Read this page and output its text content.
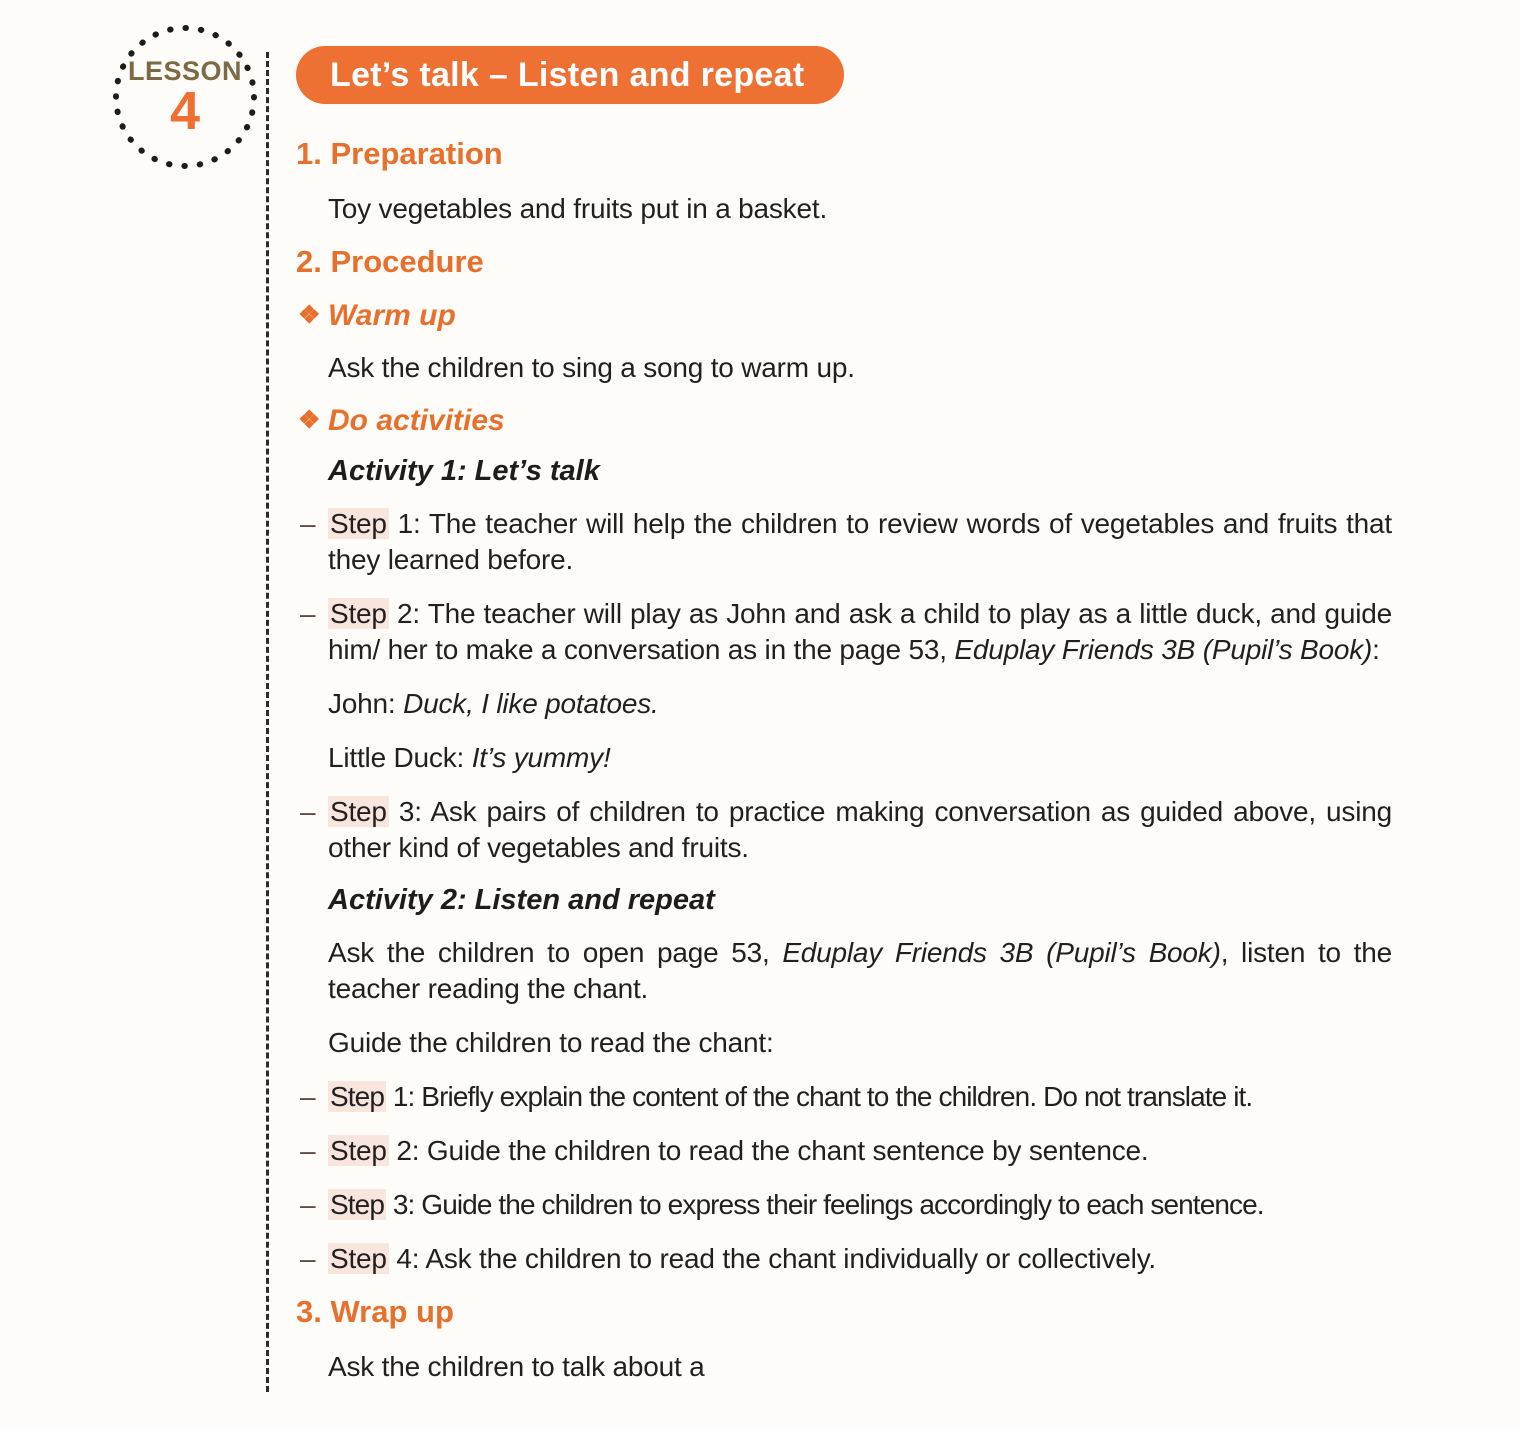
LESSON
4
Let’s talk – Listen and repeat
1. Preparation
Toy vegetables and fruits put in a basket.
2. Procedure
❖ Warm up
Ask the children to sing a song to warm up.
❖ Do activities
Activity 1: Let’s talk
– Step 1: The teacher will help the children to review words of vegetables and fruits that they learned before.
– Step 2: The teacher will play as John and ask a child to play as a little duck, and guide him/ her to make a conversation as in the page 53, Eduplay Friends 3B (Pupil’s Book):
John: Duck, I like potatoes.
Little Duck: It’s yummy!
– Step 3: Ask pairs of children to practice making conversation as guided above, using other kind of vegetables and fruits.
Activity 2: Listen and repeat
Ask the children to open page 53, Eduplay Friends 3B (Pupil’s Book), listen to the teacher reading the chant.
Guide the children to read the chant:
– Step 1: Briefly explain the content of the chant to the children. Do not translate it.
– Step 2: Guide the children to read the chant sentence by sentence.
– Step 3: Guide the children to express their feelings accordingly to each sentence.
– Step 4: Ask the children to read the chant individually or collectively.
3. Wrap up
Ask the children to talk about a
